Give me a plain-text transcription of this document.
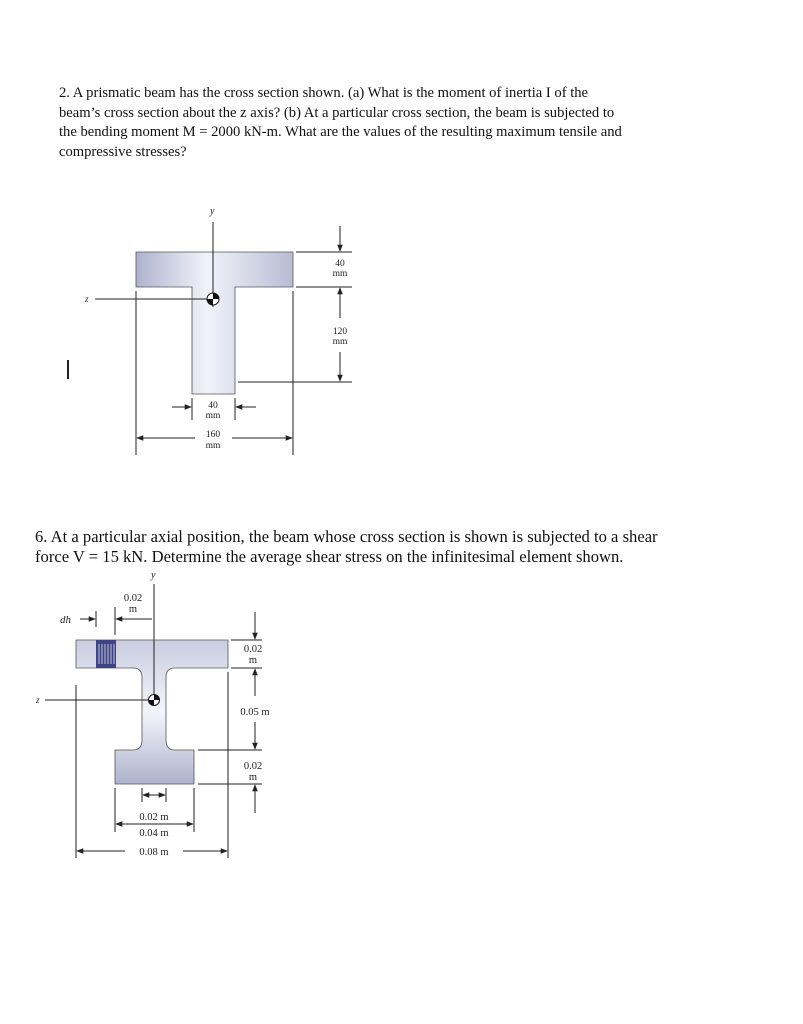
2. A prismatic beam has the cross section shown. (a) What is the moment of inertia I of the
beam’s cross section about the z axis? (b) At a particular cross section, the beam is subjected to
the bending moment M = 2000 kN-m. What are the values of the resulting maximum tensile and
compressive stresses?
6. At a particular axial position, the beam whose cross section is shown is subjected to a shear
force V = 15 kN. Determine the average shear stress on the infinitesimal element shown.
y
z
40
mm
120
mm
40
mm
160
mm
y
z
dh
0.02
m
0.02
m
0.05 m
0.02
m
0.02 m
0.04 m
0.08 m
